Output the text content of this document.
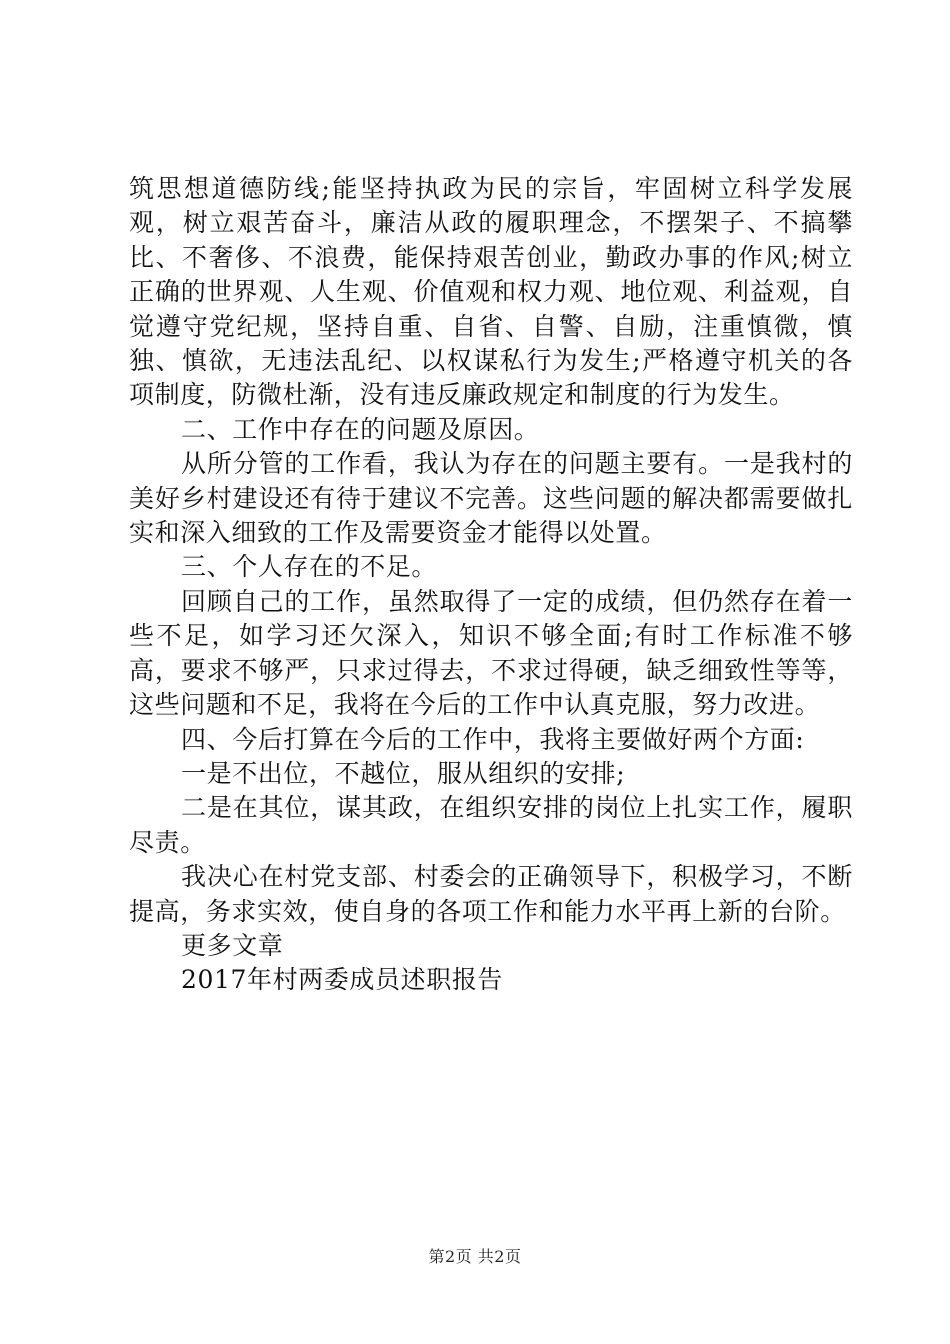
筑思想道德防线;能坚持执政为民的宗旨，牢固树立科学发展观，树立艰苦奋斗，廉洁从政的履职理念，不摆架子、不搞攀比、不奢侈、不浪费，能保持艰苦创业，勤政办事的作风;树立正确的世界观、人生观、价值观和权力观、地位观、利益观，自觉遵守党纪规，坚持自重、自省、自警、自励，注重慎微，慎独、慎欲，无违法乱纪、以权谋私行为发生;严格遵守机关的各项制度，防微杜渐，没有违反廉政规定和制度的行为发生。

二、工作中存在的问题及原因。

从所分管的工作看，我认为存在的问题主要有。一是我村的美好乡村建设还有待于建议不完善。这些问题的解决都需要做扎实和深入细致的工作及需要资金才能得以处置。

三、个人存在的不足。

回顾自己的工作，虽然取得了一定的成绩，但仍然存在着一些不足，如学习还欠深入，知识不够全面;有时工作标准不够高，要求不够严，只求过得去，不求过得硬，缺乏细致性等等，这些问题和不足，我将在今后的工作中认真克服，努力改进。

四、今后打算在今后的工作中，我将主要做好两个方面:

一是不出位，不越位，服从组织的安排;

二是在其位，谋其政，在组织安排的岗位上扎实工作，履职尽责。

我决心在村党支部、村委会的正确领导下，积极学习，不断提高，务求实效，使自身的各项工作和能力水平再上新的台阶。

更多文章

2017年村两委成员述职报告

第2页 共2页
